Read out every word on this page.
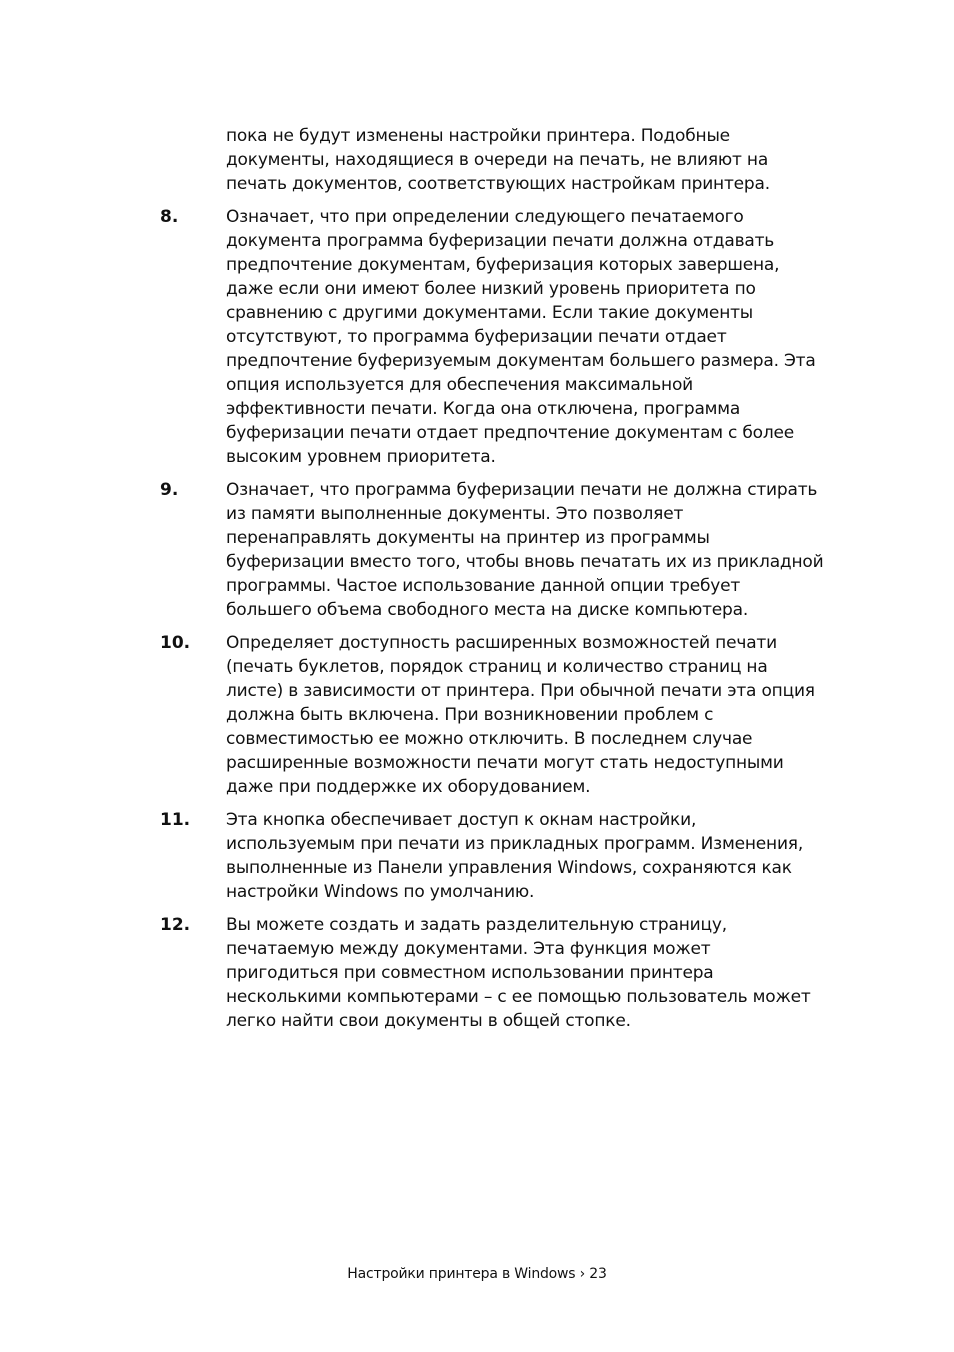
пока не будут изменены настройки принтера. Подобные документы, находящиеся в очереди на печать, не влияют на печать документов, соответствующих настройкам принтера.

8.	Означает, что при определении следующего печатаемого документа программа буферизации печати должна отдавать предпочтение документам, буферизация которых завершена, даже если они имеют более низкий уровень приоритета по сравнению с другими документами. Если такие документы отсутствуют, то программа буферизации печати отдает предпочтение буферизуемым документам большего размера. Эта опция используется для обеспечения максимальной эффективности печати. Когда она отключена, программа буферизации печати отдает предпочтение документам с более высоким уровнем приоритета.
9.	Означает, что программа буферизации печати не должна стирать из памяти выполненные документы. Это позволяет перенаправлять документы на принтер из программы буферизации вместо того, чтобы вновь печатать их из прикладной программы. Частое использование данной опции требует большего объема свободного места на диске компьютера.
10.	Определяет доступность расширенных возможностей печати (печать буклетов, порядок страниц и количество страниц на листе) в зависимости от принтера. При обычной печати эта опция должна быть включена. При возникновении проблем с совместимостью ее можно отключить. В последнем случае расширенные возможности печати могут стать недоступными даже при поддержке их оборудованием.
11.	Эта кнопка обеспечивает доступ к окнам настройки, используемым при печати из прикладных программ. Изменения, выполненные из Панели управления Windows, сохраняются как настройки Windows по умолчанию.
12.	Вы можете создать и задать разделительную страницу, печатаемую между документами. Эта функция может пригодиться при совместном использовании принтера несколькими компьютерами – с ее помощью пользователь может легко найти свои документы в общей стопке.
Настройки принтера в Windows › 23
